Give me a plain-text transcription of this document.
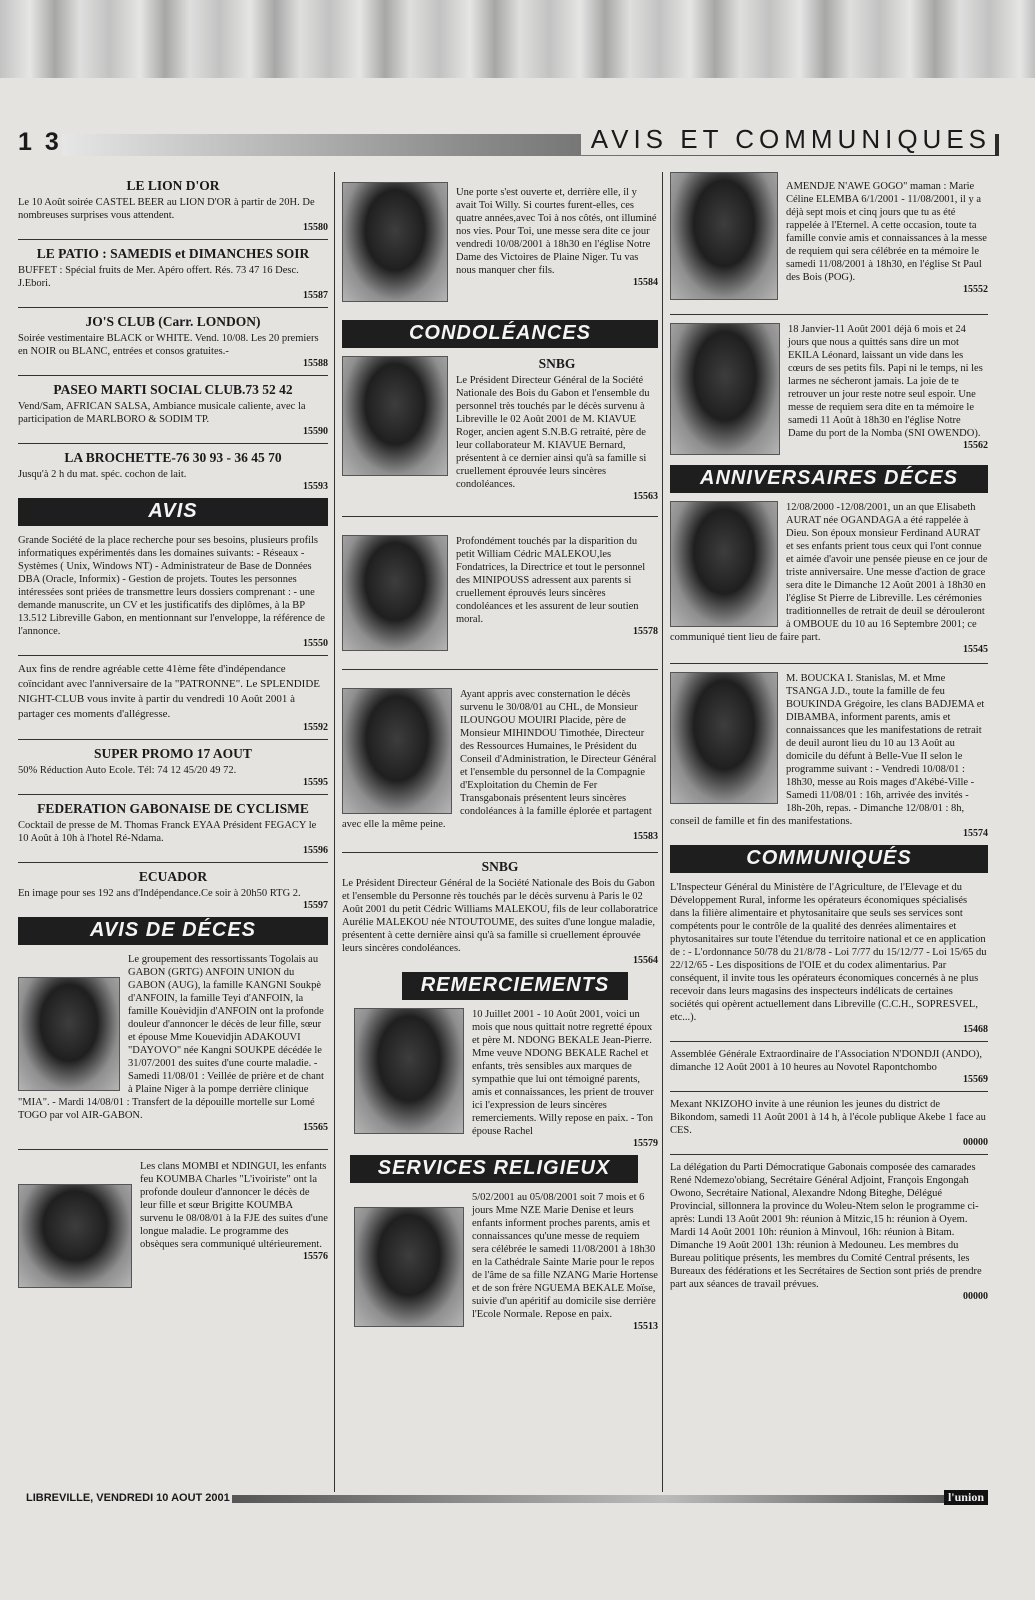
1 3	AVIS ET COMMUNIQUES
LE LION D'OR

Le 10 Août soirée CASTEL BEER au LION D'OR à partir de 20H. De nombreuses surprises vous attendent.

15580
LE PATIO : SAMEDIS et DIMANCHES SOIR

BUFFET : Spécial fruits de Mer. Apéro offert. Rés. 73 47 16 Desc. J.Ebori.

15587
JO'S CLUB (Carr. LONDON)

Soirée vestimentaire BLACK or WHITE. Vend. 10/08. Les 20 premiers en NOIR ou BLANC, entrées et consos gratuites.-

15588
PASEO MARTI SOCIAL CLUB.73 52 42

Vend/Sam, AFRICAN SALSA, Ambiance musicale caliente, avec la participation de MARLBORO & SODIM TP.

15590
LA BROCHETTE-76 30 93 - 36 45 70

Jusqu'à 2 h du mat. spéc. cochon de lait.

15593
AVIS

Grande Société de la place recherche pour ses besoins, plusieurs profils informatiques expérimentés dans les domaines suivants: - Réseaux - Systèmes ( Unix, Windows NT) - Administrateur de Base de Données DBA (Oracle, Informix) - Gestion de projets. Toutes les personnes intéressées sont priées de transmettre leurs dossiers comprenant : - une demande manuscrite, un CV et les justificatifs des diplômes, à la BP 13.512 Libreville Gabon, en mentionnant sur l'enveloppe, la référence de l'annonce.

15550

Aux fins de rendre agréable cette 41ème fête d'indépendance coïncidant avec l'anniversaire de la "PATRONNE". Le SPLENDIDE NIGHT-CLUB vous invite à partir du vendredi 10 Août 2001 à partager ces moments d'allégresse.

15592
SUPER PROMO 17 AOUT

50% Réduction Auto Ecole. Tél: 74 12 45/20 49 72.

15595
FEDERATION GABONAISE DE CYCLISME

Cocktail de presse de M. Thomas Franck EYAA Président FEGACY le 10 Août à 10h à l'hotel Ré-Ndama.

15596
ECUADOR

En image pour ses 192 ans d'Indépendance.Ce soir à 20h50 RTG 2.

15597
AVIS DE DÉCES

Le groupement des ressortissants Togolais au GABON (GRTG) ANFOIN UNION du GABON (AUG), la famille KANGNI Soukpè d'ANFOIN, la famille Teyi d'ANFOIN, la famille Kouèvidjin d'ANFOIN ont la profonde douleur d'annoncer le décès de leur fille, sœur et épouse Mme Kouevidjin ADAKOUVI "DAYOVO" née Kangni SOUKPE décédée le 31/07/2001 des suites d'une courte maladie. - Samedi 11/08/01 : Veillée de prière et de chant à Plaine Niger à la pompe derrière clinique "MIA". - Mardi 14/08/01 : Transfert de la dépouille mortelle sur Lomé TOGO par vol AIR-GABON.

15565

Les clans MOMBI et NDINGUI, les enfants feu KOUMBA Charles "L'ivoiriste" ont la profonde douleur d'annoncer le décès de leur fille et sœur Brigitte KOUMBA survenu le 08/08/01 à la FJE des suites d'une longue maladie. Le programme des obsèques sera communiqué ultérieurement.

15576

Une porte s'est ouverte et, derrière elle, il y avait Toi Willy. Si courtes furent-elles, ces quatre années,avec Toi à nos côtés, ont illuminé nos vies. Pour Toi, une messe sera dite ce jour vendredi 10/08/2001 à 18h30 en l'église Notre Dame des Victoires de Plaine Niger. Tu vas nous manquer cher fils.

15584
CONDOLÉANCES
SNBG

Le Président Directeur Général de la Société Nationale des Bois du Gabon et l'ensemble du personnel très touchés par le décès survenu à Libreville le 02 Août 2001 de M. KIAVUE Roger, ancien agent S.N.B.G retraité, père de leur collaborateur M. KIAVUE Bernard, présentent à ce dernier ainsi qu'à sa famille si cruellement éprouvée leurs sincères condoléances.

15563

Profondément touchés par la disparition du petit William Cédric MALEKOU,les Fondatrices, la Directrice et tout le personnel des MINIPOUSS adressent aux parents si cruellement éprouvés leurs sincères condoléances et les assurent de leur soutien moral.

15578

Ayant appris avec consternation le décès survenu le 30/08/01 au CHL, de Monsieur ILOUNGOU MOUIRI Placide, père de Monsieur MIHINDOU Timothée, Directeur des Ressources Humaines, le Président du Conseil d'Administration, le Directeur Général et l'ensemble du personnel de la Compagnie d'Exploitation du Chemin de Fer Transgabonais présentent leurs sincères condoléances à la famille éplorée et partagent avec elle la même peine.

15583
SNBG

Le Président Directeur Général de la Société Nationale des Bois du Gabon et l'ensemble du Personne rès touchés par le décès survenu à Paris le 02 Août 2001 du petit Cédric Williams MALEKOU, fils de leur collaboratrice Aurélie MALEKOU née NTOUTOUME, des suites d'une longue maladie, présentent à cette dernière ainsi qu'à sa famille si cruellement éprouvée leurs sincères condoléances.

15564
REMERCIEMENTS

10 Juillet 2001 - 10 Août 2001, voici un mois que nous quittait notre regretté époux et père M. NDONG BEKALE Jean-Pierre. Mme veuve NDONG BEKALE Rachel et enfants, très sensibles aux marques de sympathie que lui ont témoigné parents, amis et connaissances, les prient de trouver ici l'expression de leurs sincères remerciements. Willy repose en paix. - Ton épouse Rachel

15579
SERVICES RELIGIEUX

5/02/2001 au 05/08/2001 soit 7 mois et 6 jours Mme NZE Marie Denise et leurs enfants informent proches parents, amis et connaissances qu'une messe de requiem sera célébrée le samedi 11/08/2001 à 18h30 en la Cathédrale Sainte Marie pour le repos de l'âme de sa fille NZANG Marie Hortense et de son frère NGUEMA BEKALE Moïse, suivie d'un apéritif au domicile sise derrière l'Ecole Normale. Repose en paix.

15513

AMENDJE N'AWE GOGO" maman : Marie Céline ELEMBA 6/1/2001 - 11/08/2001, il y a déjà sept mois et cinq jours que tu as été rappelée à l'Eternel. A cette occasion, toute ta famille convie amis et connaissances à la messe de requiem qui sera célébrée en ta mémoire le samedi 11/08/2001 à 18h30, en l'église St Paul des Bois (POG).

15552

18 Janvier-11 Août 2001 déjà 6 mois et 24 jours que nous a quittés sans dire un mot EKILA Léonard, laissant un vide dans les cœurs de ses petits fils. Papi ni le temps, ni les larmes ne sécheront jamais. La joie de te retrouver un jour reste notre seul espoir. Une messe de requiem sera dite en ta mémoire le samedi 11 Août à 18h30 en l'église Notre Dame du port de la Nomba (SNI OWENDO).

15562
ANNIVERSAIRES DÉCES

12/08/2000 -12/08/2001, un an que Elisabeth AURAT née OGANDAGA a été rappelée à Dieu. Son époux monsieur Ferdinand AURAT et ses enfants prient tous ceux qui l'ont connue et aimée d'avoir une pensée pieuse en ce jour de triste anniversaire. Une messe d'action de grace sera dite le Dimanche 12 Août 2001 à 18h30 en l'église St Pierre de Libreville. Les cérémonies traditionnelles de retrait de deuil se dérouleront à OMBOUE du 10 au 16 Septembre 2001; ce communiqué tient lieu de faire part.

15545

M. BOUCKA I. Stanislas, M. et Mme TSANGA J.D., toute la famille de feu BOUKINDA Grégoire, les clans BADJEMA et DIBAMBA, informent parents, amis et connaissances que les manifestations de retrait de deuil auront lieu du 10 au 13 Août au domicile du défunt à Belle-Vue II selon le programme suivant : - Vendredi 10/08/01 : 18h30, messe au Rois mages d'Akébé-Ville - Samedi 11/08/01 : 16h, arrivée des invités - 18h-20h, repas. - Dimanche 12/08/01 : 8h, conseil de famille et fin des manifestations.

15574
COMMUNIQUÉS

L'Inspecteur Général du Ministère de l'Agriculture, de l'Elevage et du Développement Rural, informe les opérateurs économiques spécialisés dans la filière alimentaire et phytosanitaire que seuls ses services sont compétents pour le contrôle de la qualité des denrées alimentaires et phytosanitaires sur toute l'étendue du territoire national et ce en application de : - L'ordonnance 50/78 du 21/8/78 - Loi 7/77 du 15/12/77 - Loi 15/65 du 22/12/65 - Les dispositions de l'OIE et du codex alimentarius. Par conséquent, il invite tous les opérateurs économiques concernés à ne plus recevoir dans leurs magasins des inspecteurs indélicats de certaines sociétés qui opèrent actuellement dans Libreville (C.C.H., SOPRESVEL, etc...).

15468

Assemblée Générale Extraordinaire de l'Association N'DONDJI (ANDO), dimanche 12 Août 2001 à 10 heures au Novotel Rapontchombo

15569

Mexant NKIZOHO invite à une réunion les jeunes du district de Bikondom, samedi 11 Août 2001 à 14 h, à l'école publique Akebe 1 face au CES.

00000

La délégation du Parti Démocratique Gabonais composée des camarades René Ndemezo'obiang, Secrétaire Général Adjoint, François Engongah Owono, Secrétaire National, Alexandre Ndong Biteghe, Délégué Provincial, sillonnera la province du Woleu-Ntem selon le programme ci-après: Lundi 13 Août 2001 9h: réunion à Mitzic,15 h: réunion à Oyem. Mardi 14 Août 2001 10h: réunion à Minvoul, 16h: réunion à Bitam. Dimanche 19 Août 2001 13h: réunion à Medouneu. Les membres du Bureau politique présents, les membres du Comité Central présents, les Bureaux des fédérations et les Secrétaires de Section sont priés de prendre part aux séances de travail prévues.

00000
LIBREVILLE, VENDREDI 10 AOUT 2001	l'union
